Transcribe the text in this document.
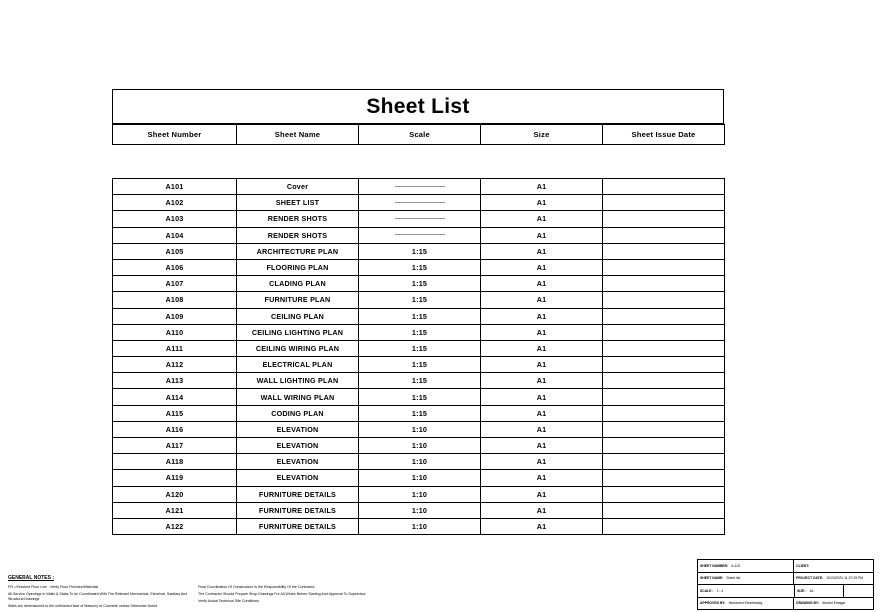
Sheet List
Sheet Number	Sheet Name	Scale	Size	Sheet Issue Date
A101	Cover		A1	
A102	SHEET LIST		A1	
A103	RENDER SHOTS		A1	
A104	RENDER SHOTS		A1	
A105	ARCHITECTURE PLAN	1:15	A1	
A106	FLOORING PLAN	1:15	A1	
A107	CLADING PLAN	1:15	A1	
A108	FURNITURE PLAN	1:15	A1	
A109	CEILING PLAN	1:15	A1	
A110	CEILING LIGHTING PLAN	1:15	A1	
A111	CEILING WIRING PLAN	1:15	A1	
A112	ELECTRICAL PLAN	1:15	A1	
A113	WALL LIGHTING PLAN	1:15	A1	
A114	WALL WIRING PLAN	1:15	A1	
A115	CODING PLAN	1:15	A1	
A116	ELEVATION	1:10	A1	
A117	ELEVATION	1:10	A1	
A118	ELEVATION	1:10	A1	
A119	ELEVATION	1:10	A1	
A120	FURNITURE DETAILS	1:10	A1	
A121	FURNITURE DETAILS	1:10	A1	
A122	FURNITURE DETAILS	1:10	A1	
GENERAL NOTES :
FFL=Finished Floor Line , Verify Floor Finishes/Materials
All Service Openings In Walls & Slabs To be Coordinated With The Relevant Mechanical, Electrical, Sanitary And Structural Drawings
Walls are dimensioned to the unfinished face of Masonry or Concrete unless Otherwise Noted
Final Coordination Of Construction Is the Responsibility Of the Contractor
The Contractor Should Prepare Shop Drawings For All Works Before Starting And Approval To Supervisor
Verify Actual Technical Site Conditions
SHEET NUMBER: A-102	CLIENT:
SHEET NAME: Sheet list	PROJECT DATE: 10/20/2020 11:27:29 PM
SCALE : 1 : 4	SIZE : A1
APPROVED BY: Mohamed Elmohtaday	DRAWING BY: Ahmed Elnagar
